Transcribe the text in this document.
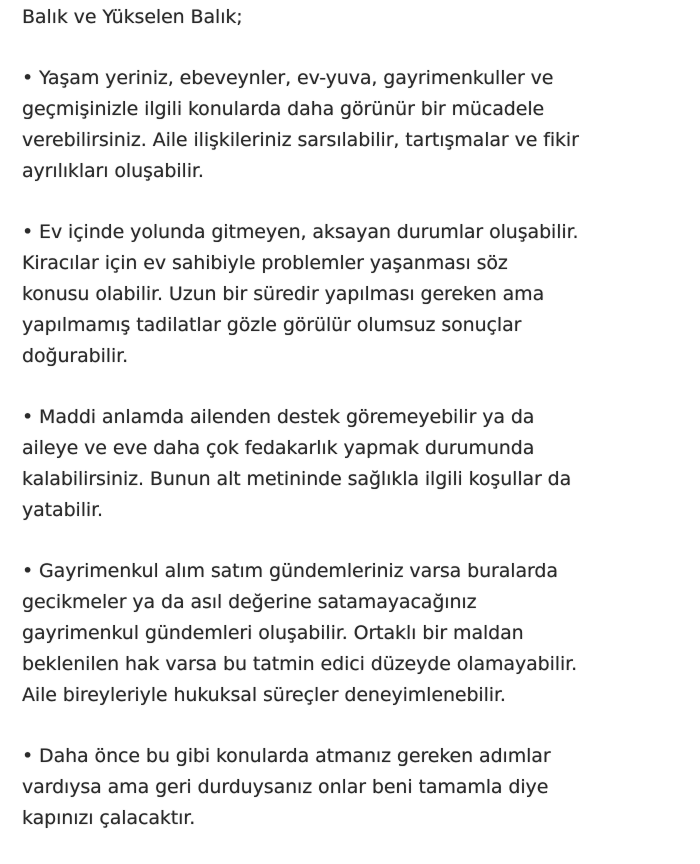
Balık ve Yükselen Balık;
• Yaşam yeriniz, ebeveynler, ev-yuva, gayrimenkuller ve
geçmişinizle ilgili konularda daha görünür bir mücadele
verebilirsiniz. Aile ilişkileriniz sarsılabilir, tartışmalar ve fikir
ayrılıkları oluşabilir.
• Ev içinde yolunda gitmeyen, aksayan durumlar oluşabilir.
Kiracılar için ev sahibiyle problemler yaşanması söz
konusu olabilir. Uzun bir süredir yapılması gereken ama
yapılmamış tadilatlar gözle görülür olumsuz sonuçlar
doğurabilir.
• Maddi anlamda ailenden destek göremeyebilir ya da
aileye ve eve daha çok fedakarlık yapmak durumunda
kalabilirsiniz. Bunun alt metininde sağlıkla ilgili koşullar da
yatabilir.
• Gayrimenkul alım satım gündemleriniz varsa buralarda
gecikmeler ya da asıl değerine satamayacağınız
gayrimenkul gündemleri oluşabilir. Ortaklı bir maldan
beklenilen hak varsa bu tatmin edici düzeyde olamayabilir.
Aile bireyleriyle hukuksal süreçler deneyimlenebilir.
• Daha önce bu gibi konularda atmanız gereken adımlar
vardıysa ama geri durduysanız onlar beni tamamla diye
kapınızı çalacaktır.
